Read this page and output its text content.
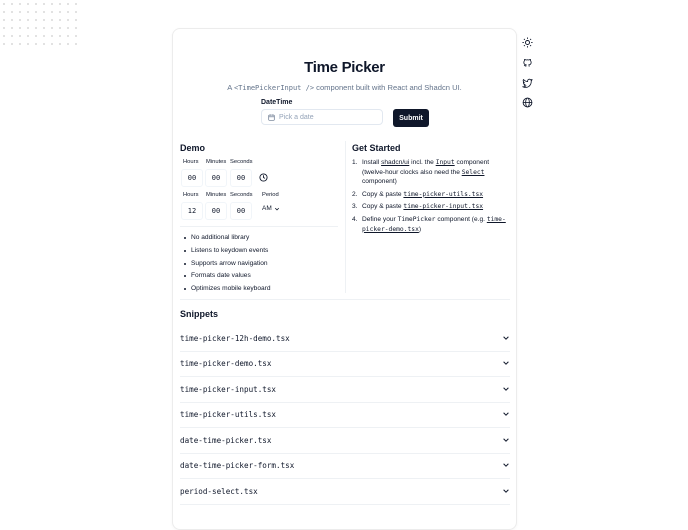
Time Picker
A <TimePickerInput /> component built with React and Shadcn UI.
DateTime
Pick a date	Submit
Demo
Hours Minutes Seconds
00	00	00
Hours Minutes Seconds Period
12	00	00	AM
No additional library
Listens to keydown events
Supports arrow navigation
Formats date values
Optimizes mobile keyboard
Get Started
1. Install shadcn/ui incl. the Input component (twelve-hour clocks also need the Select component)
2. Copy & paste time-picker-utils.tsx
3. Copy & paste time-picker-input.tsx
4. Define your TimePicker component (e.g. time-picker-demo.tsx)
Snippets
time-picker-12h-demo.tsx
time-picker-demo.tsx
time-picker-input.tsx
time-picker-utils.tsx
date-time-picker.tsx
date-time-picker-form.tsx
period-select.tsx
